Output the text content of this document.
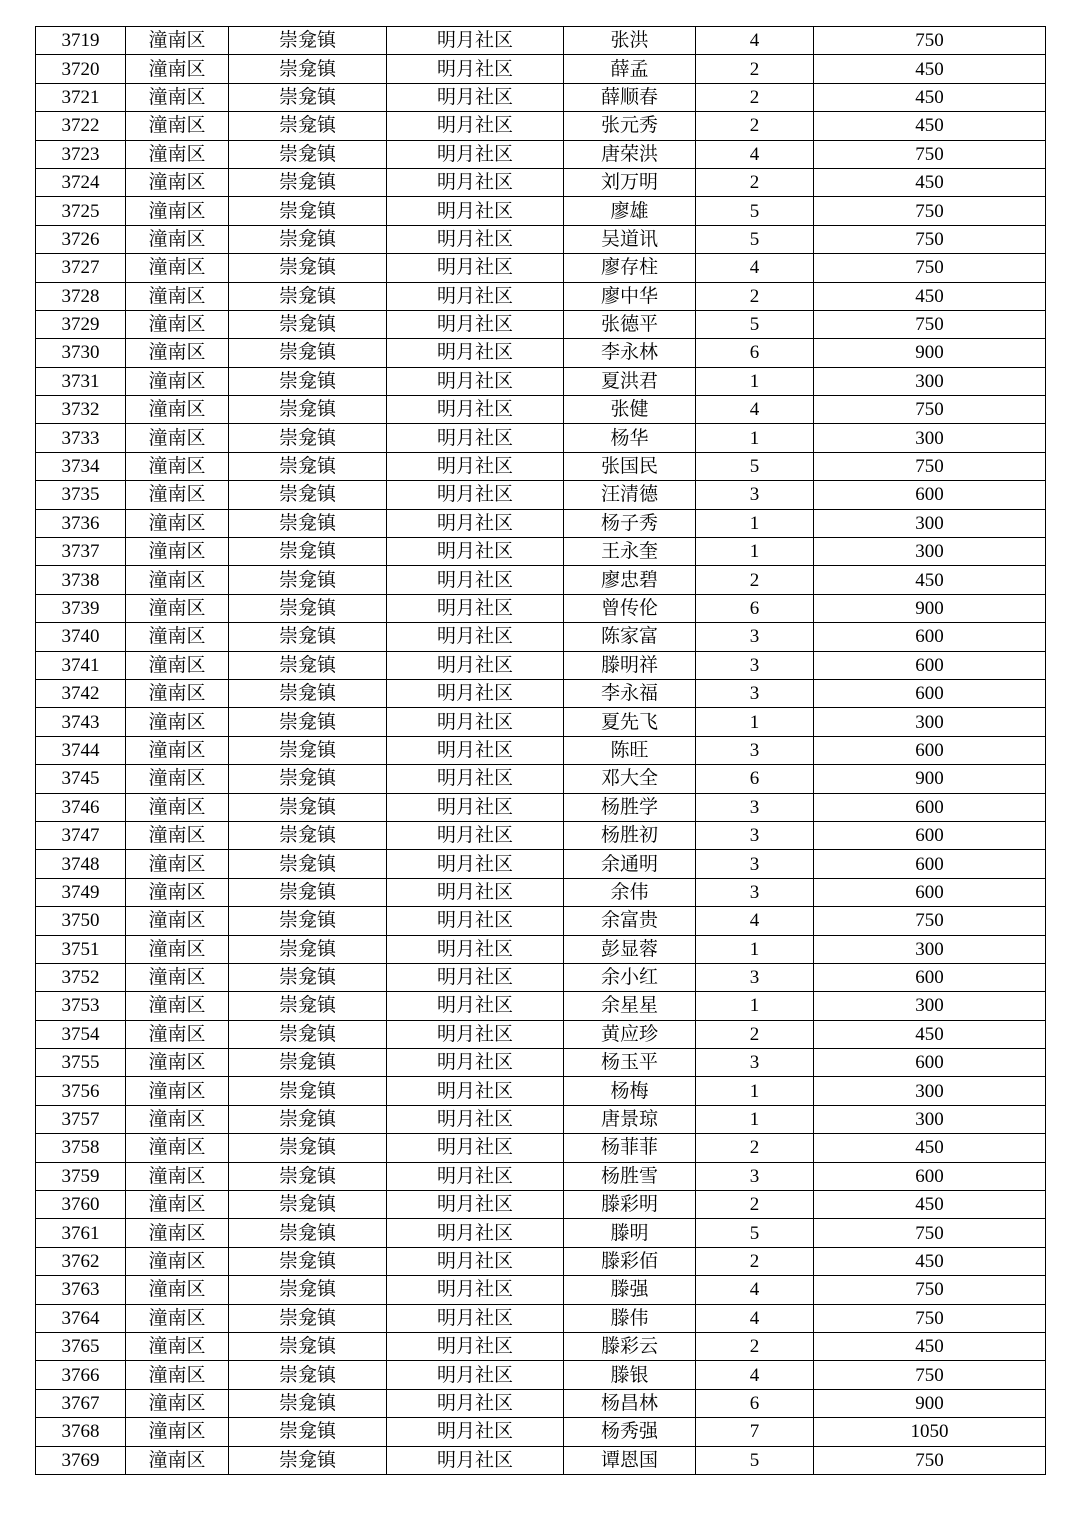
3719	潼南区	崇龛镇	明月社区	张洪	4	750
3720	潼南区	崇龛镇	明月社区	薛孟	2	450
3721	潼南区	崇龛镇	明月社区	薛顺春	2	450
3722	潼南区	崇龛镇	明月社区	张元秀	2	450
3723	潼南区	崇龛镇	明月社区	唐荣洪	4	750
3724	潼南区	崇龛镇	明月社区	刘万明	2	450
3725	潼南区	崇龛镇	明月社区	廖雄	5	750
3726	潼南区	崇龛镇	明月社区	吴道讯	5	750
3727	潼南区	崇龛镇	明月社区	廖存柱	4	750
3728	潼南区	崇龛镇	明月社区	廖中华	2	450
3729	潼南区	崇龛镇	明月社区	张德平	5	750
3730	潼南区	崇龛镇	明月社区	李永林	6	900
3731	潼南区	崇龛镇	明月社区	夏洪君	1	300
3732	潼南区	崇龛镇	明月社区	张健	4	750
3733	潼南区	崇龛镇	明月社区	杨华	1	300
3734	潼南区	崇龛镇	明月社区	张国民	5	750
3735	潼南区	崇龛镇	明月社区	汪清德	3	600
3736	潼南区	崇龛镇	明月社区	杨子秀	1	300
3737	潼南区	崇龛镇	明月社区	王永奎	1	300
3738	潼南区	崇龛镇	明月社区	廖忠碧	2	450
3739	潼南区	崇龛镇	明月社区	曾传伦	6	900
3740	潼南区	崇龛镇	明月社区	陈家富	3	600
3741	潼南区	崇龛镇	明月社区	滕明祥	3	600
3742	潼南区	崇龛镇	明月社区	李永福	3	600
3743	潼南区	崇龛镇	明月社区	夏先飞	1	300
3744	潼南区	崇龛镇	明月社区	陈旺	3	600
3745	潼南区	崇龛镇	明月社区	邓大全	6	900
3746	潼南区	崇龛镇	明月社区	杨胜学	3	600
3747	潼南区	崇龛镇	明月社区	杨胜初	3	600
3748	潼南区	崇龛镇	明月社区	余通明	3	600
3749	潼南区	崇龛镇	明月社区	余伟	3	600
3750	潼南区	崇龛镇	明月社区	余富贵	4	750
3751	潼南区	崇龛镇	明月社区	彭显蓉	1	300
3752	潼南区	崇龛镇	明月社区	余小红	3	600
3753	潼南区	崇龛镇	明月社区	余星星	1	300
3754	潼南区	崇龛镇	明月社区	黄应珍	2	450
3755	潼南区	崇龛镇	明月社区	杨玉平	3	600
3756	潼南区	崇龛镇	明月社区	杨梅	1	300
3757	潼南区	崇龛镇	明月社区	唐景琼	1	300
3758	潼南区	崇龛镇	明月社区	杨菲菲	2	450
3759	潼南区	崇龛镇	明月社区	杨胜雪	3	600
3760	潼南区	崇龛镇	明月社区	滕彩明	2	450
3761	潼南区	崇龛镇	明月社区	滕明	5	750
3762	潼南区	崇龛镇	明月社区	滕彩佰	2	450
3763	潼南区	崇龛镇	明月社区	滕强	4	750
3764	潼南区	崇龛镇	明月社区	滕伟	4	750
3765	潼南区	崇龛镇	明月社区	滕彩云	2	450
3766	潼南区	崇龛镇	明月社区	滕银	4	750
3767	潼南区	崇龛镇	明月社区	杨昌林	6	900
3768	潼南区	崇龛镇	明月社区	杨秀强	7	1050
3769	潼南区	崇龛镇	明月社区	谭恩国	5	750
